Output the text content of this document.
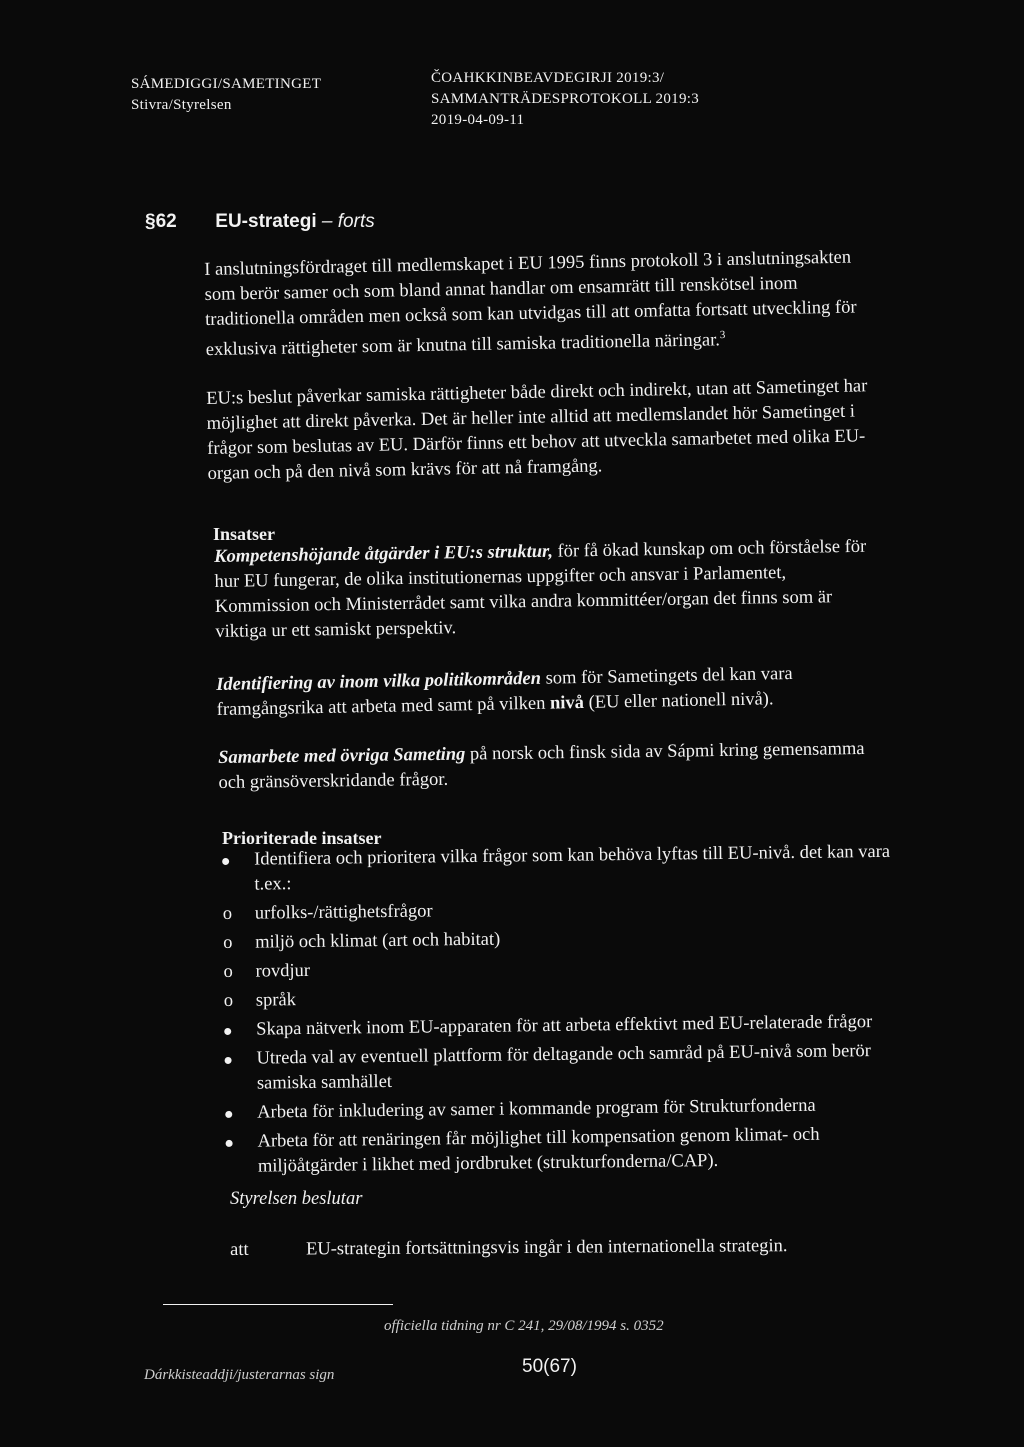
SÁMEDIGGI/SAMETINGET
Stivra/Styrelsen
ČOAHKKINBEAVDEGIRJI 2019:3/
SAMMANTRÄDESPROTOKOLL 2019:3
2019-04-09-11
§62 EU-strategi – forts
I anslutningsfördraget till medlemskapet i EU 1995 finns protokoll 3 i anslutningsakten
som berör samer och som bland annat handlar om ensamrätt till renskötsel inom
traditionella områden men också som kan utvidgas till att omfatta fortsatt utveckling för
exklusiva rättigheter som är knutna till samiska traditionella näringar.$^3$
EU:s beslut påverkar samiska rättigheter både direkt och indirekt, utan att Sametinget har
möjlighet att direkt påverka. Det är heller inte alltid att medlemslandet hör Sametinget i
frågor som beslutas av EU. Därför finns ett behov att utveckla samarbetet med olika EU-
organ och på den nivå som krävs för att nå framgång.
Insatser
Kompetenshöjande åtgärder i EU:s struktur, för få ökad kunskap om och förståelse för
hur EU fungerar, de olika institutionernas uppgifter och ansvar i Parlamentet,
Kommission och Ministerrådet samt vilka andra kommittéer/organ det finns som är
viktiga ur ett samiskt perspektiv.
Identifiering av inom vilka politikområden som för Sametingets del kan vara
framgångsrika att arbeta med samt på vilken nivå (EU eller nationell nivå).
Samarbete med övriga Sameting på norsk och finsk sida av Sápmi kring gemensamma
och gränsöverskridande frågor.
Prioriterade insatser
Identifiera och prioritera vilka frågor som kan behöva lyftas till EU-nivå. det kan vara
t.ex.:
o	urfolks-/rättighetsfrågor
o	miljö och klimat (art och habitat)
o	rovdjur
o	språk
Skapa nätverk inom EU-apparaten för att arbeta effektivt med EU-relaterade frågor
Utreda val av eventuell plattform för deltagande och samråd på EU-nivå som berör
samiska samhället
Arbeta för inkludering av samer i kommande program för Strukturfonderna
Arbeta för att renäringen får möjlighet till kompensation genom klimat- och
miljöåtgärder i likhet med jordbruket (strukturfonderna/CAP).
Styrelsen beslutar
att	EU-strategin fortsättningsvis ingår i den internationella strategin.
officiella tidning nr C 241, 29/08/1994 s. 0352
Dárkkisteaddji/justerarnas sign	50(67)
